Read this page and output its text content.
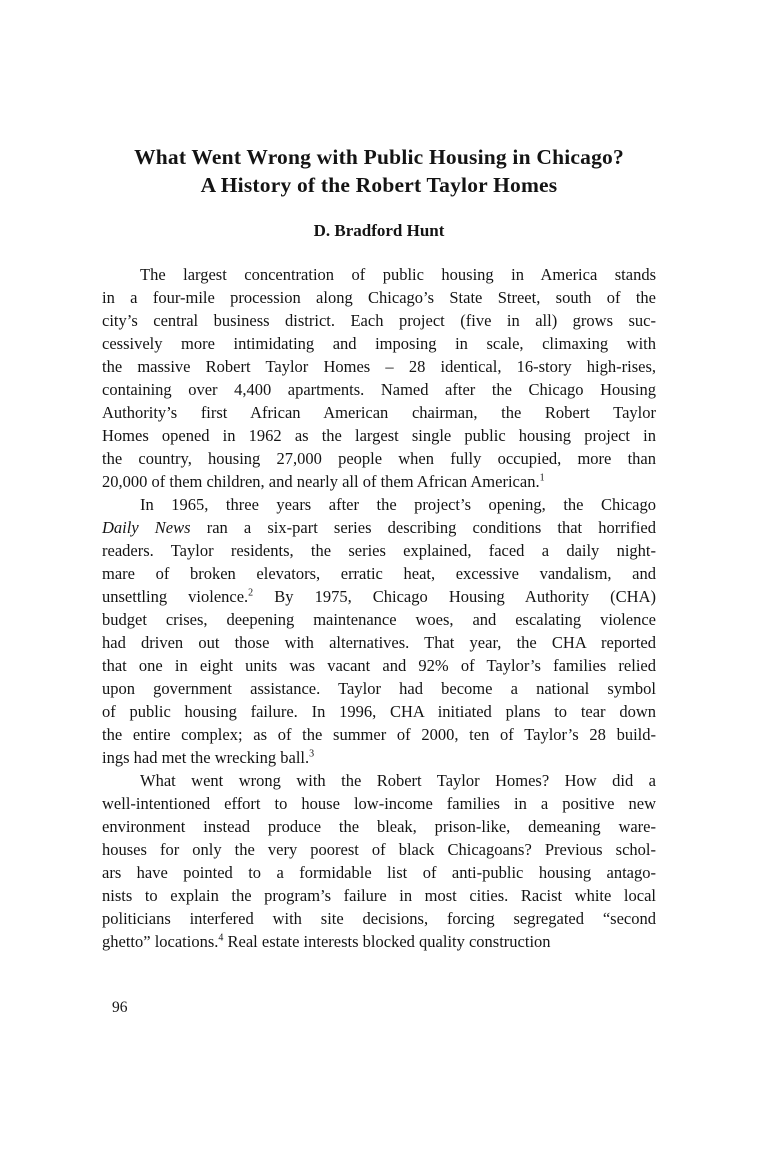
What Went Wrong with Public Housing in Chicago?
A History of the Robert Taylor Homes
D. Bradford Hunt
The largest concentration of public housing in America stands
in a four-mile procession along Chicago’s State Street, south of the
city’s central business district. Each project (five in all) grows suc-
cessively more intimidating and imposing in scale, climaxing with
the massive Robert Taylor Homes – 28 identical, 16-story high-rises,
containing over 4,400 apartments. Named after the Chicago Housing
Authority’s first African American chairman, the Robert Taylor
Homes opened in 1962 as the largest single public housing project in
the country, housing 27,000 people when fully occupied, more than
20,000 of them children, and nearly all of them African American.$^1$
In 1965, three years after the project’s opening, the Chicago
Daily News ran a six-part series describing conditions that horrified
readers. Taylor residents, the series explained, faced a daily night-
mare of broken elevators, erratic heat, excessive vandalism, and
unsettling violence.$^2$ By 1975, Chicago Housing Authority (CHA)
budget crises, deepening maintenance woes, and escalating violence
had driven out those with alternatives. That year, the CHA reported
that one in eight units was vacant and 92% of Taylor’s families relied
upon government assistance. Taylor had become a national symbol
of public housing failure. In 1996, CHA initiated plans to tear down
the entire complex; as of the summer of 2000, ten of Taylor’s 28 build-
ings had met the wrecking ball.$^3$
What went wrong with the Robert Taylor Homes? How did a
well-intentioned effort to house low-income families in a positive new
environment instead produce the bleak, prison-like, demeaning ware-
houses for only the very poorest of black Chicagoans? Previous schol-
ars have pointed to a formidable list of anti-public housing antago-
nists to explain the program’s failure in most cities. Racist white local
politicians interfered with site decisions, forcing segregated “second
ghetto” locations.$^4$ Real estate interests blocked quality construction
96
